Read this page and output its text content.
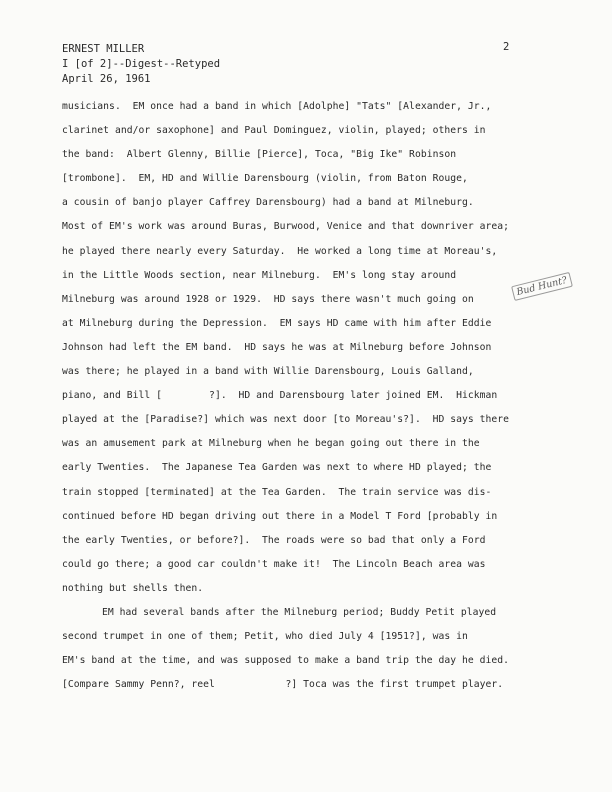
ERNEST MILLER
I [of 2]--Digest--Retyped
April 26, 1961
2
musicians.  EM once had a band in which [Adolphe] "Tats" [Alexander, Jr.,
clarinet and/or saxophone] and Paul Dominguez, violin, played; others in
the band:  Albert Glenny, Billie [Pierce], Toca, "Big Ike" Robinson
[trombone].  EM, HD and Willie Darensbourg (violin, from Baton Rouge,
a cousin of banjo player Caffrey Darensbourg) had a band at Milneburg.
Most of EM's work was around Buras, Burwood, Venice and that downriver area;
he played there nearly every Saturday.  He worked a long time at Moreau's,
in the Little Woods section, near Milneburg.  EM's long stay around
Milneburg was around 1928 or 1929.  HD says there wasn't much going on
at Milneburg during the Depression.  EM says HD came with him after Eddie
Johnson had left the EM band.  HD says he was at Milneburg before Johnson
was there; he played in a band with Willie Darensbourg, Louis Galland,
piano, and Bill [        ?].  HD and Darensbourg later joined EM.  Hickman
played at the [Paradise?] which was next door [to Moreau's?].  HD says there
was an amusement park at Milneburg when he began going out there in the
early Twenties.  The Japanese Tea Garden was next to where HD played; the
train stopped [terminated] at the Tea Garden.  The train service was dis-
continued before HD began driving out there in a Model T Ford [probably in
the early Twenties, or before?].  The roads were so bad that only a Ford
could go there; a good car couldn't make it!  The Lincoln Beach area was
nothing but shells then.
EM had several bands after the Milneburg period; Buddy Petit played
second trumpet in one of them; Petit, who died July 4 [1951?], was in
EM's band at the time, and was supposed to make a band trip the day he died.
[Compare Sammy Penn?, reel            ?] Toca was the first trumpet player.
Bud Hunt?
